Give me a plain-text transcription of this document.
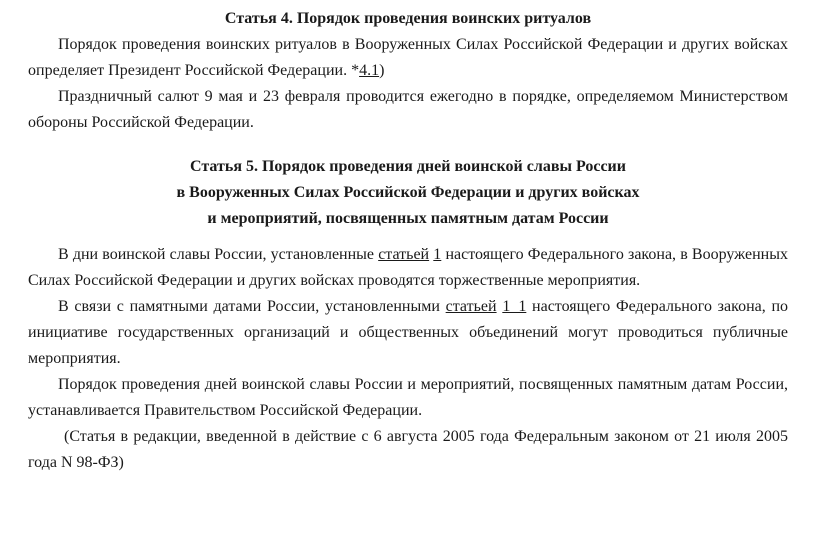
Статья 4. Порядок проведения воинских ритуалов

Порядок проведения воинских ритуалов в Вооруженных Силах Российской Федерации и других войсках определяет Президент Российской Федерации. *4.1)

Праздничный салют 9 мая и 23 февраля проводится ежегодно в порядке, определяемом Министерством обороны Российской Федерации.

Статья 5. Порядок проведения дней воинской славы России
в Вооруженных Силах Российской Федерации и других войсках
и мероприятий, посвященных памятным датам России

В дни воинской славы России, установленные статьей 1 настоящего Федерального закона, в Вооруженных Силах Российской Федерации и других войсках проводятся торжественные мероприятия.

В связи с памятными датами России, установленными статьей 1_1 настоящего Федерального закона, по инициативе государственных организаций и общественных объединений могут проводиться публичные мероприятия.

Порядок проведения дней воинской славы России и мероприятий, посвященных памятным датам России, устанавливается Правительством Российской Федерации.

(Статья в редакции, введенной в действие с 6 августа 2005 года Федеральным законом от 21 июля 2005 года N 98-ФЗ)
